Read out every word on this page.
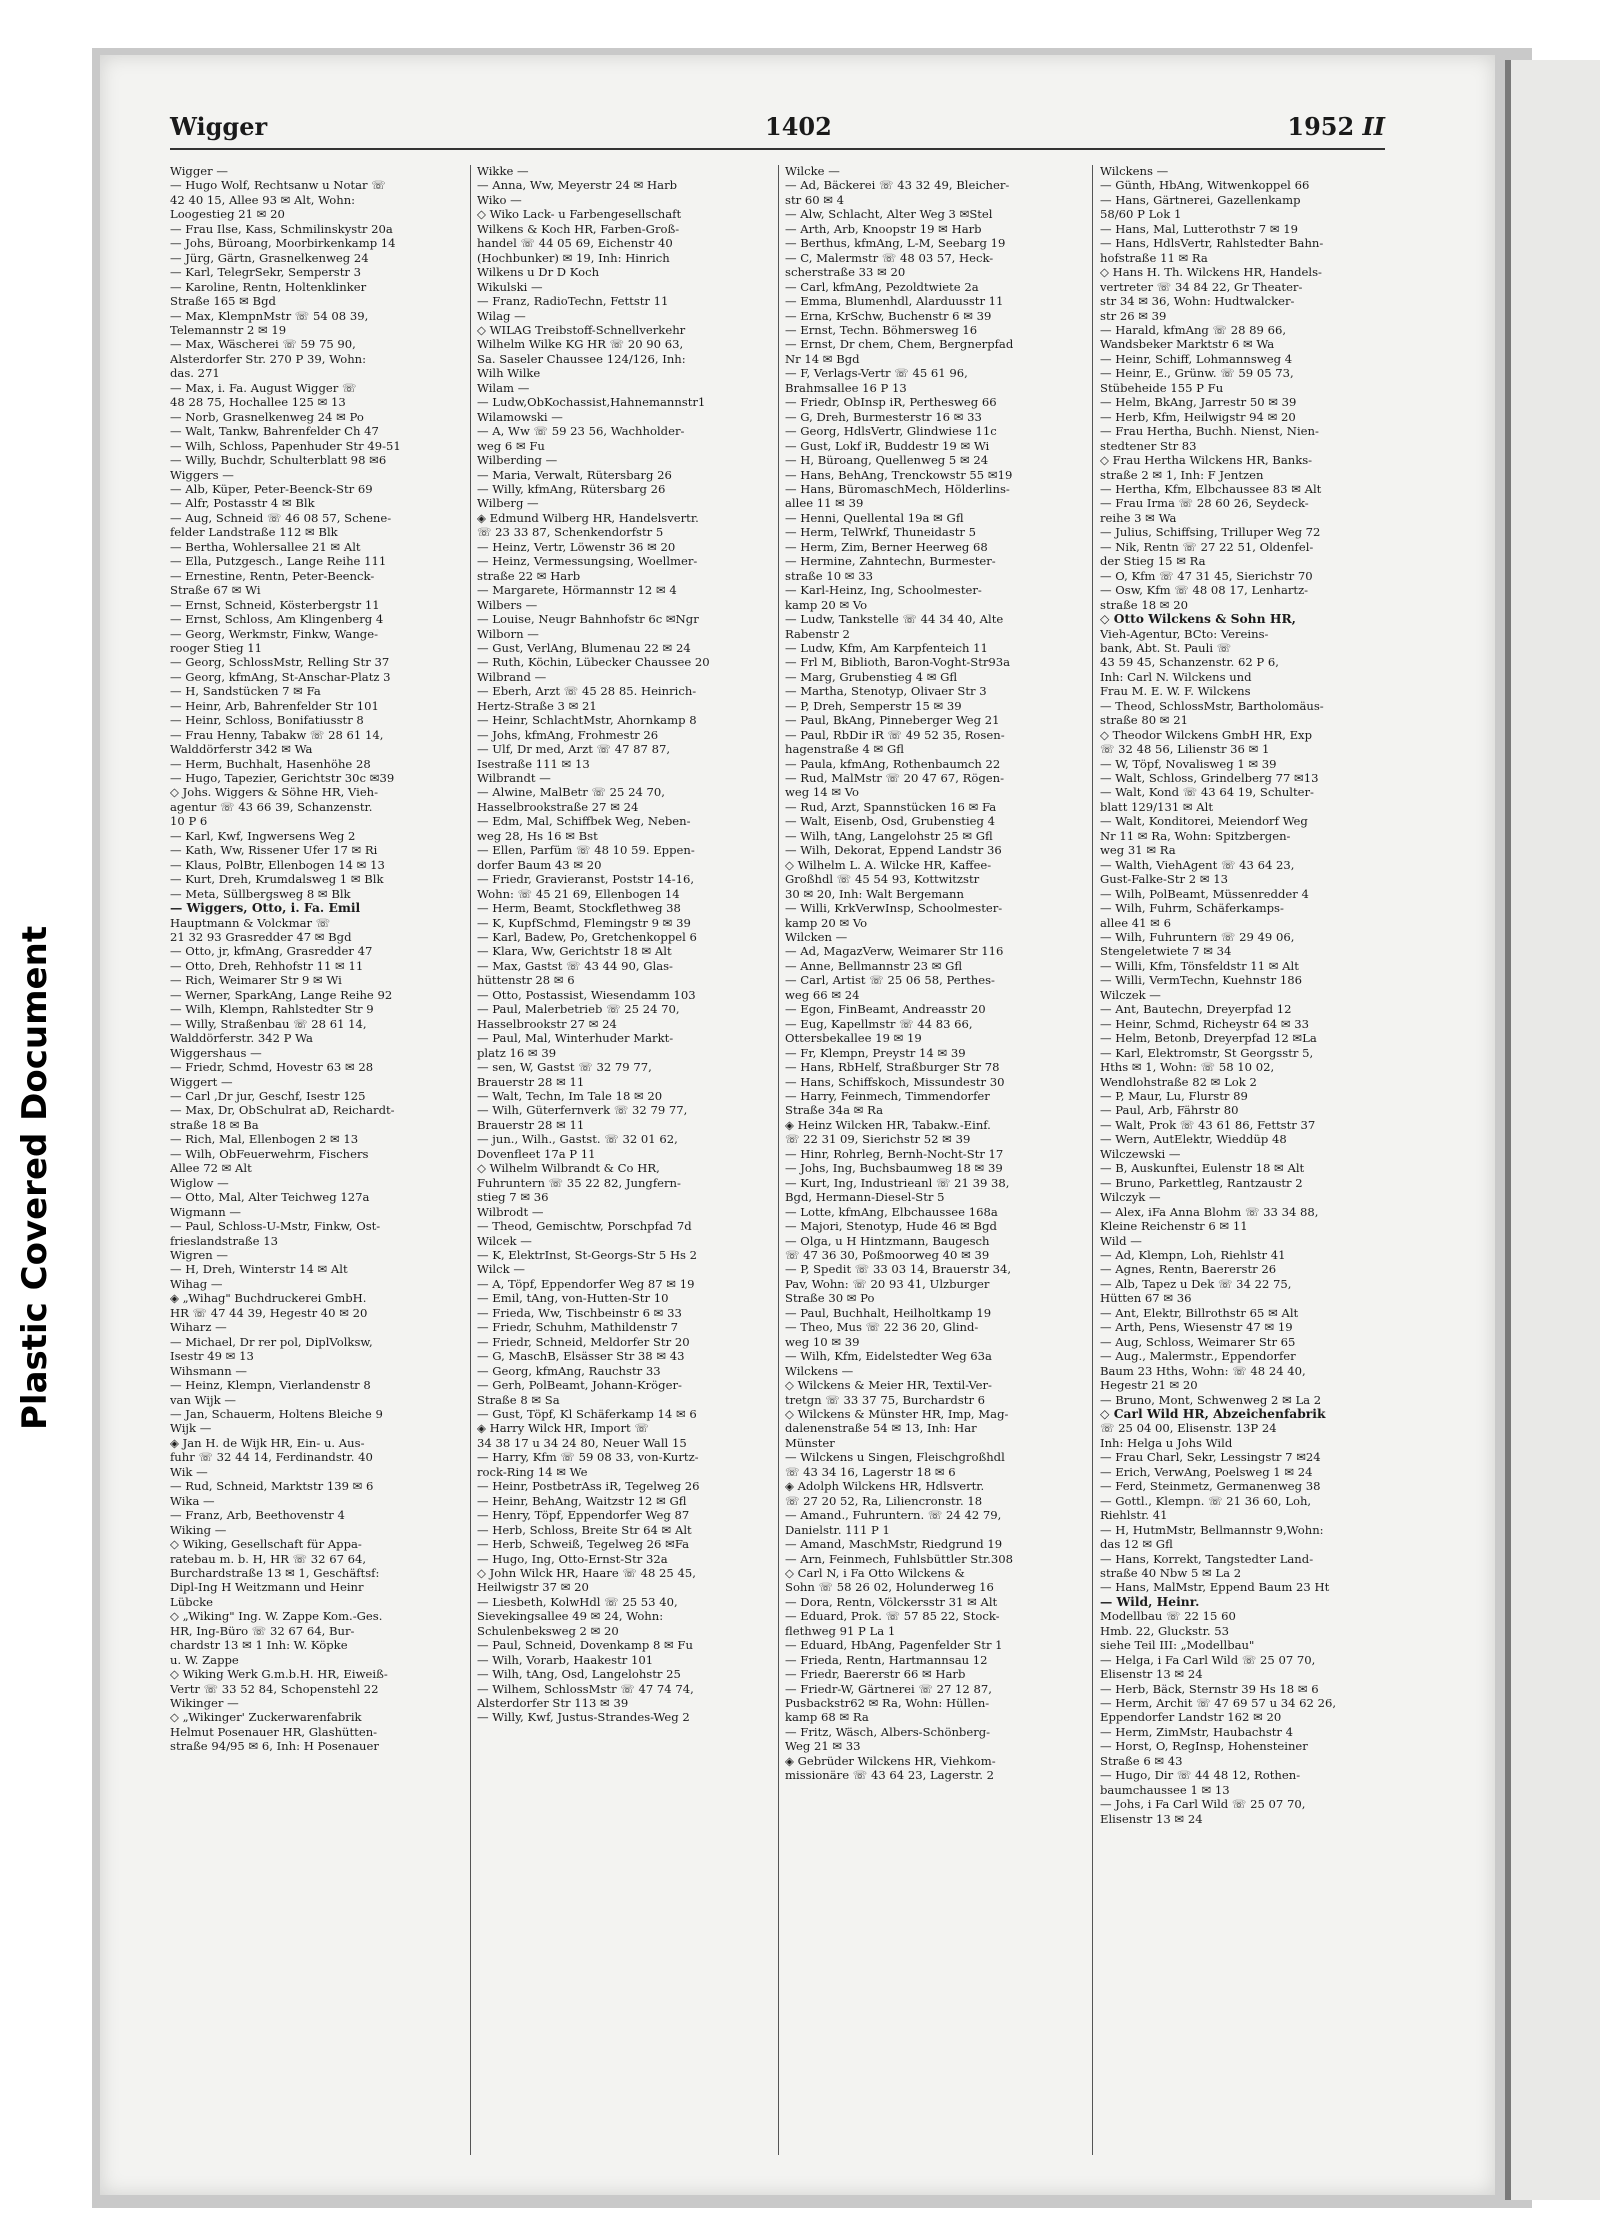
Plastic Covered Document
Wigger	1402	1952 II
Wigger —
— Hugo Wolf, Rechtsanw u Notar ☏
42 40 15, Allee 93 ✉ Alt, Wohn:
Loogestieg 21 ✉ 20
— Frau Ilse, Kass, Schmilinskystr 20a
— Johs, Büroang, Moorbirkenkamp 14
— Jürg, Gärtn, Grasnelkenweg 24
— Karl, TelegrSekr, Semperstr 3
— Karoline, Rentn, Holtenklinker
Straße 165 ✉ Bgd
— Max, KlempnMstr ☏ 54 08 39,
Telemannstr 2 ✉ 19
— Max, Wäscherei ☏ 59 75 90,
Alsterdorfer Str. 270 P 39, Wohn:
das. 271
— Max, i. Fa. August Wigger ☏
48 28 75, Hochallee 125 ✉ 13
— Norb, Grasnelkenweg 24 ✉ Po
— Walt, Tankw, Bahrenfelder Ch 47
— Wilh, Schloss, Papenhuder Str 49-51
— Willy, Buchdr, Schulterblatt 98 ✉6
Wiggers —
— Alb, Küper, Peter-Beenck-Str 69
— Alfr, Postasstr 4 ✉ Blk
— Aug, Schneid ☏ 46 08 57, Schene-
felder Landstraße 112 ✉ Blk
— Bertha, Wohlersallee 21 ✉ Alt
— Ella, Putzgesch., Lange Reihe 111
— Ernestine, Rentn, Peter-Beenck-
Straße 67 ✉ Wi
— Ernst, Schneid, Kösterbergstr 11
— Ernst, Schloss, Am Klingenberg 4
— Georg, Werkmstr, Finkw, Wange-
rooger Stieg 11
— Georg, SchlossMstr, Relling Str 37
— Georg, kfmAng, St-Anschar-Platz 3
— H, Sandstücken 7 ✉ Fa
— Heinr, Arb, Bahrenfelder Str 101
— Heinr, Schloss, Bonifatiusstr 8
— Frau Henny, Tabakw ☏ 28 61 14,
Walddörferstr 342 ✉ Wa
— Herm, Buchhalt, Hasenhöhe 28
— Hugo, Tapezier, Gerichtstr 30c ✉39
◇ Johs. Wiggers & Söhne HR, Vieh-
agentur ☏ 43 66 39, Schanzenstr.
10 P 6
— Karl, Kwf, Ingwersens Weg 2
— Kath, Ww, Rissener Ufer 17 ✉ Ri
— Klaus, PolBtr, Ellenbogen 14 ✉ 13
— Kurt, Dreh, Krumdalsweg 1 ✉ Blk
— Meta, Süllbergsweg 8 ✉ Blk
— Wiggers, Otto, i. Fa. Emil
Hauptmann & Volckmar ☏
21 32 93 Grasredder 47 ✉ Bgd
— Otto, jr, kfmAng, Grasredder 47
— Otto, Dreh, Rehhofstr 11 ✉ 11
— Rich, Weimarer Str 9 ✉ Wi
— Werner, SparkAng, Lange Reihe 92
— Wilh, Klempn, Rahlstedter Str 9
— Willy, Straßenbau ☏ 28 61 14,
Walddörferstr. 342 P Wa
Wiggershaus —
— Friedr, Schmd, Hovestr 63 ✉ 28
Wiggert —
— Carl ,Dr jur, Geschf, Isestr 125
— Max, Dr, ObSchulrat aD, Reichardt-
straße 18 ✉ Ba
— Rich, Mal, Ellenbogen 2 ✉ 13
— Wilh, ObFeuerwehrm, Fischers
Allee 72 ✉ Alt
Wiglow —
— Otto, Mal, Alter Teichweg 127a
Wigmann —
— Paul, Schloss-U-Mstr, Finkw, Ost-
frieslandstraße 13
Wigren —
— H, Dreh, Winterstr 14 ✉ Alt
Wihag —
◈ „Wihag" Buchdruckerei GmbH.
HR ☏ 47 44 39, Hegestr 40 ✉ 20
Wiharz —
— Michael, Dr rer pol, DiplVolksw,
Isestr 49 ✉ 13
Wihsmann —
— Heinz, Klempn, Vierlandenstr 8
van Wijk —
— Jan, Schauerm, Holtens Bleiche 9
Wijk —
◈ Jan H. de Wijk HR, Ein- u. Aus-
fuhr ☏ 32 44 14, Ferdinandstr. 40
Wik —
— Rud, Schneid, Marktstr 139 ✉ 6
Wika —
— Franz, Arb, Beethovenstr 4
Wiking —
◇ Wiking, Gesellschaft für Appa-
ratebau m. b. H, HR ☏ 32 67 64,
Burchardstraße 13 ✉ 1, Geschäftsf:
Dipl-Ing H Weitzmann und Heinr
Lübcke
◇ „Wiking" Ing. W. Zappe Kom.-Ges.
HR, Ing-Büro ☏ 32 67 64, Bur-
chardstr 13 ✉ 1 Inh: W. Köpke
u. W. Zappe
◇ Wiking Werk G.m.b.H. HR, Eiweiß-
Vertr ☏ 33 52 84, Schopenstehl 22
Wikinger —
◇ „Wikinger' Zuckerwarenfabrik
Helmut Posenauer HR, Glashütten-
straße 94/95 ✉ 6, Inh: H Posenauer
Wikke —
— Anna, Ww, Meyerstr 24 ✉ Harb
Wiko —
◇ Wiko Lack- u Farbengesellschaft
Wilkens & Koch HR, Farben-Groß-
handel ☏ 44 05 69, Eichenstr 40
(Hochbunker) ✉ 19, Inh: Hinrich
Wilkens u Dr D Koch
Wikulski —
— Franz, RadioTechn, Fettstr 11
Wilag —
◇ WILAG Treibstoff-Schnellverkehr
Wilhelm Wilke KG HR ☏ 20 90 63,
Sa. Saseler Chaussee 124/126, Inh:
Wilh Wilke
Wilam —
— Ludw,ObKochassist,Hahnemannstr1
Wilamowski —
— A, Ww ☏ 59 23 56, Wachholder-
weg 6 ✉ Fu
Wilberding —
— Maria, Verwalt, Rütersbarg 26
— Willy, kfmAng, Rütersbarg 26
Wilberg —
◈ Edmund Wilberg HR, Handelsvertr.
☏ 23 33 87, Schenkendorfstr 5
— Heinz, Vertr, Löwenstr 36 ✉ 20
— Heinz, Vermessungsing, Woellmer-
straße 22 ✉ Harb
— Margarete, Hörmannstr 12 ✉ 4
Wilbers —
— Louise, Neugr Bahnhofstr 6c ✉Ngr
Wilborn —
— Gust, VerlAng, Blumenau 22 ✉ 24
— Ruth, Köchin, Lübecker Chaussee 20
Wilbrand —
— Eberh, Arzt ☏ 45 28 85. Heinrich-
Hertz-Straße 3 ✉ 21
— Heinr, SchlachtMstr, Ahornkamp 8
— Johs, kfmAng, Frohmestr 26
— Ulf, Dr med, Arzt ☏ 47 87 87,
Isestraße 111 ✉ 13
Wilbrandt —
— Alwine, MalBetr ☏ 25 24 70,
Hasselbrookstraße 27 ✉ 24
— Edm, Mal, Schiffbek Weg, Neben-
weg 28, Hs 16 ✉ Bst
— Ellen, Parfüm ☏ 48 10 59. Eppen-
dorfer Baum 43 ✉ 20
— Friedr, Gravieranst, Poststr 14-16,
Wohn: ☏ 45 21 69, Ellenbogen 14
— Herm, Beamt, Stockflethweg 38
— K, KupfSchmd, Flemingstr 9 ✉ 39
— Karl, Badew, Po, Gretchenkoppel 6
— Klara, Ww, Gerichtstr 18 ✉ Alt
— Max, Gastst ☏ 43 44 90, Glas-
hüttenstr 28 ✉ 6
— Otto, Postassist, Wiesendamm 103
— Paul, Malerbetrieb ☏ 25 24 70,
Hasselbrookstr 27 ✉ 24
— Paul, Mal, Winterhuder Markt-
platz 16 ✉ 39
— sen, W, Gastst ☏ 32 79 77,
Brauerstr 28 ✉ 11
— Walt, Techn, Im Tale 18 ✉ 20
— Wilh, Güterfernverk ☏ 32 79 77,
Brauerstr 28 ✉ 11
— jun., Wilh., Gastst. ☏ 32 01 62,
Dovenfleet 17a P 11
◇ Wilhelm Wilbrandt & Co HR,
Fuhruntern ☏ 35 22 82, Jungfern-
stieg 7 ✉ 36
Wilbrodt —
— Theod, Gemischtw, Porschpfad 7d
Wilcek —
— K, ElektrInst, St-Georgs-Str 5 Hs 2
Wilck —
— A, Töpf, Eppendorfer Weg 87 ✉ 19
— Emil, tAng, von-Hutten-Str 10
— Frieda, Ww, Tischbeinstr 6 ✉ 33
— Friedr, Schuhm, Mathildenstr 7
— Friedr, Schneid, Meldorfer Str 20
— G, MaschB, Elsässer Str 38 ✉ 43
— Georg, kfmAng, Rauchstr 33
— Gerh, PolBeamt, Johann-Kröger-
Straße 8 ✉ Sa
— Gust, Töpf, Kl Schäferkamp 14 ✉ 6
◈ Harry Wilck HR, Import ☏
34 38 17 u 34 24 80, Neuer Wall 15
— Harry, Kfm ☏ 59 08 33, von-Kurtz-
rock-Ring 14 ✉ We
— Heinr, PostbetrAss iR, Tegelweg 26
— Heinr, BehAng, Waitzstr 12 ✉ Gfl
— Henry, Töpf, Eppendorfer Weg 87
— Herb, Schloss, Breite Str 64 ✉ Alt
— Herb, Schweiß, Tegelweg 26 ✉Fa
— Hugo, Ing, Otto-Ernst-Str 32a
◇ John Wilck HR, Haare ☏ 48 25 45,
Heilwigstr 37 ✉ 20
— Liesbeth, KolwHdl ☏ 25 53 40,
Sievekingsallee 49 ✉ 24, Wohn:
Schulenbeksweg 2 ✉ 20
— Paul, Schneid, Dovenkamp 8 ✉ Fu
— Wilh, Vorarb, Haakestr 101
— Wilh, tAng, Osd, Langelohstr 25
— Wilhem, SchlossMstr ☏ 47 74 74,
Alsterdorfer Str 113 ✉ 39
— Willy, Kwf, Justus-Strandes-Weg 2
Wilcke —
— Ad, Bäckerei ☏ 43 32 49, Bleicher-
str 60 ✉ 4
— Alw, Schlacht, Alter Weg 3 ✉Stel
— Arth, Arb, Knoopstr 19 ✉ Harb
— Berthus, kfmAng, L-M, Seebarg 19
— C, Malermstr ☏ 48 03 57, Heck-
scherstraße 33 ✉ 20
— Carl, kfmAng, Pezoldtwiete 2a
— Emma, Blumenhdl, Alarduusstr 11
— Erna, KrSchw, Buchenstr 6 ✉ 39
— Ernst, Techn. Böhmersweg 16
— Ernst, Dr chem, Chem, Bergnerpfad
Nr 14 ✉ Bgd
— F, Verlags-Vertr ☏ 45 61 96,
Brahmsallee 16 P 13
— Friedr, ObInsp iR, Perthesweg 66
— G, Dreh, Burmesterstr 16 ✉ 33
— Georg, HdlsVertr, Glindwiese 11c
— Gust, Lokf iR, Buddestr 19 ✉ Wi
— H, Büroang, Quellenweg 5 ✉ 24
— Hans, BehAng, Trenckowstr 55 ✉19
— Hans, BüromaschMech, Hölderlins-
allee 11 ✉ 39
— Henni, Quellental 19a ✉ Gfl
— Herm, TelWrkf, Thuneidastr 5
— Herm, Zim, Berner Heerweg 68
— Hermine, Zahntechn, Burmester-
straße 10 ✉ 33
— Karl-Heinz, Ing, Schoolmester-
kamp 20 ✉ Vo
— Ludw, Tankstelle ☏ 44 34 40, Alte
Rabenstr 2
— Ludw, Kfm, Am Karpfenteich 11
— Frl M, Biblioth, Baron-Voght-Str93a
— Marg, Grubenstieg 4 ✉ Gfl
— Martha, Stenotyp, Olivaer Str 3
— P, Dreh, Semperstr 15 ✉ 39
— Paul, BkAng, Pinneberger Weg 21
— Paul, RbDir iR ☏ 49 52 35, Rosen-
hagenstraße 4 ✉ Gfl
— Paula, kfmAng, Rothenbaumch 22
— Rud, MalMstr ☏ 20 47 67, Rögen-
weg 14 ✉ Vo
— Rud, Arzt, Spannstücken 16 ✉ Fa
— Walt, Eisenb, Osd, Grubenstieg 4
— Wilh, tAng, Langelohstr 25 ✉ Gfl
— Wilh, Dekorat, Eppend Landstr 36
◇ Wilhelm L. A. Wilcke HR, Kaffee-
Großhdl ☏ 45 54 93, Kottwitzstr
30 ✉ 20, Inh: Walt Bergemann
— Willi, KrkVerwInsp, Schoolmester-
kamp 20 ✉ Vo
Wilcken —
— Ad, MagazVerw, Weimarer Str 116
— Anne, Bellmannstr 23 ✉ Gfl
— Carl, Artist ☏ 25 06 58, Perthes-
weg 66 ✉ 24
— Egon, FinBeamt, Andreasstr 20
— Eug, Kapellmstr ☏ 44 83 66,
Ottersbekallee 19 ✉ 19
— Fr, Klempn, Preystr 14 ✉ 39
— Hans, RbHelf, Straßburger Str 78
— Hans, Schiffskoch, Missundestr 30
— Harry, Feinmech, Timmendorfer
Straße 34a ✉ Ra
◈ Heinz Wilcken HR, Tabakw.-Einf.
☏ 22 31 09, Sierichstr 52 ✉ 39
— Hinr, Rohrleg, Bernh-Nocht-Str 17
— Johs, Ing, Buchsbaumweg 18 ✉ 39
— Kurt, Ing, Industrieanl ☏ 21 39 38,
Bgd, Hermann-Diesel-Str 5
— Lotte, kfmAng, Elbchaussee 168a
— Majori, Stenotyp, Hude 46 ✉ Bgd
— Olga, u H Hintzmann, Baugesch
☏ 47 36 30, Poßmoorweg 40 ✉ 39
— P, Spedit ☏ 33 03 14, Brauerstr 34,
Pav, Wohn: ☏ 20 93 41, Ulzburger
Straße 30 ✉ Po
— Paul, Buchhalt, Heilholtkamp 19
— Theo, Mus ☏ 22 36 20, Glind-
weg 10 ✉ 39
— Wilh, Kfm, Eidelstedter Weg 63a
Wilckens —
◇ Wilckens & Meier HR, Textil-Ver-
tretgn ☏ 33 37 75, Burchardstr 6
◇ Wilckens & Münster HR, Imp, Mag-
dalenenstraße 54 ✉ 13, Inh: Har
Münster
— Wilckens u Singen, Fleischgroßhdl
☏ 43 34 16, Lagerstr 18 ✉ 6
◈ Adolph Wilckens HR, Hdlsvertr.
☏ 27 20 52, Ra, Liliencronstr. 18
— Amand., Fuhruntern. ☏ 24 42 79,
Danielstr. 111 P 1
— Amand, MaschMstr, Riedgrund 19
— Arn, Feinmech, Fuhlsbüttler Str.308
◇ Carl N, i Fa Otto Wilckens &
Sohn ☏ 58 26 02, Holunderweg 16
— Dora, Rentn, Völckersstr 31 ✉ Alt
— Eduard, Prok. ☏ 57 85 22, Stock-
flethweg 91 P La 1
— Eduard, HbAng, Pagenfelder Str 1
— Frieda, Rentn, Hartmannsau 12
— Friedr, Baererstr 66 ✉ Harb
— Friedr-W, Gärtnerei ☏ 27 12 87,
Pusbackstr62 ✉ Ra, Wohn: Hüllen-
kamp 68 ✉ Ra
— Fritz, Wäsch, Albers-Schönberg-
Weg 21 ✉ 33
◈ Gebrüder Wilckens HR, Viehkom-
missionäre ☏ 43 64 23, Lagerstr. 2
Wilckens —
— Günth, HbAng, Witwenkoppel 66
— Hans, Gärtnerei, Gazellenkamp
58/60 P Lok 1
— Hans, Mal, Lutterothstr 7 ✉ 19
— Hans, HdlsVertr, Rahlstedter Bahn-
hofstraße 11 ✉ Ra
◇ Hans H. Th. Wilckens HR, Handels-
vertreter ☏ 34 84 22, Gr Theater-
str 34 ✉ 36, Wohn: Hudtwalcker-
str 26 ✉ 39
— Harald, kfmAng ☏ 28 89 66,
Wandsbeker Marktstr 6 ✉ Wa
— Heinr, Schiff, Lohmannsweg 4
— Heinr, E., Grünw. ☏ 59 05 73,
Stübeheide 155 P Fu
— Helm, BkAng, Jarrestr 50 ✉ 39
— Herb, Kfm, Heilwigstr 94 ✉ 20
— Frau Hertha, Buchh. Nienst, Nien-
stedtener Str 83
◇ Frau Hertha Wilckens HR, Banks-
straße 2 ✉ 1, Inh: F Jentzen
— Hertha, Kfm, Elbchaussee 83 ✉ Alt
— Frau Irma ☏ 28 60 26, Seydeck-
reihe 3 ✉ Wa
— Julius, Schiffsing, Trilluper Weg 72
— Nik, Rentn ☏ 27 22 51, Oldenfel-
der Stieg 15 ✉ Ra
— O, Kfm ☏ 47 31 45, Sierichstr 70
— Osw, Kfm ☏ 48 08 17, Lenhartz-
straße 18 ✉ 20
◇ Otto Wilckens & Sohn HR,
Vieh-Agentur, BCto: Vereins-
bank, Abt. St. Pauli ☏
43 59 45, Schanzenstr. 62 P 6,
Inh: Carl N. Wilckens und
Frau M. E. W. F. Wilckens
— Theod, SchlossMstr, Bartholomäus-
straße 80 ✉ 21
◇ Theodor Wilckens GmbH HR, Exp
☏ 32 48 56, Lilienstr 36 ✉ 1
— W, Töpf, Novalisweg 1 ✉ 39
— Walt, Schloss, Grindelberg 77 ✉13
— Walt, Kond ☏ 43 64 19, Schulter-
blatt 129/131 ✉ Alt
— Walt, Konditorei, Meiendorf Weg
Nr 11 ✉ Ra, Wohn: Spitzbergen-
weg 31 ✉ Ra
— Walth, ViehAgent ☏ 43 64 23,
Gust-Falke-Str 2 ✉ 13
— Wilh, PolBeamt, Müssenredder 4
— Wilh, Fuhrm, Schäferkamps-
allee 41 ✉ 6
— Wilh, Fuhruntern ☏ 29 49 06,
Stengeletwiete 7 ✉ 34
— Willi, Kfm, Tönsfeldstr 11 ✉ Alt
— Willi, VermTechn, Kuehnstr 186
Wilczek —
— Ant, Bautechn, Dreyerpfad 12
— Heinr, Schmd, Richeystr 64 ✉ 33
— Helm, Betonb, Dreyerpfad 12 ✉La
— Karl, Elektromstr, St Georgsstr 5,
Hths ✉ 1, Wohn: ☏ 58 10 02,
Wendlohstraße 82 ✉ Lok 2
— P, Maur, Lu, Flurstr 89
— Paul, Arb, Fährstr 80
— Walt, Prok ☏ 43 61 86, Fettstr 37
— Wern, AutElektr, Wieddüp 48
Wilczewski —
— B, Auskunftei, Eulenstr 18 ✉ Alt
— Bruno, Parkettleg, Rantzaustr 2
Wilczyk —
— Alex, iFa Anna Blohm ☏ 33 34 88,
Kleine Reichenstr 6 ✉ 11
Wild —
— Ad, Klempn, Loh, Riehlstr 41
— Agnes, Rentn, Baererstr 26
— Alb, Tapez u Dek ☏ 34 22 75,
Hütten 67 ✉ 36
— Ant, Elektr, Billrothstr 65 ✉ Alt
— Arth, Pens, Wiesenstr 47 ✉ 19
— Aug, Schloss, Weimarer Str 65
— Aug., Malermstr., Eppendorfer
Baum 23 Hths, Wohn: ☏ 48 24 40,
Hegestr 21 ✉ 20
— Bruno, Mont, Schwenweg 2 ✉ La 2
◇ Carl Wild HR, Abzeichenfabrik
☏ 25 04 00, Elisenstr. 13P 24
Inh: Helga u Johs Wild
— Frau Charl, Sekr, Lessingstr 7 ✉24
— Erich, VerwAng, Poelsweg 1 ✉ 24
— Ferd, Steinmetz, Germanenweg 38
— Gottl., Klempn. ☏ 21 36 60, Loh,
Riehlstr. 41
— H, HutmMstr, Bellmannstr 9,Wohn:
das 12 ✉ Gfl
— Hans, Korrekt, Tangstedter Land-
straße 40 Nbw 5 ✉ La 2
— Hans, MalMstr, Eppend Baum 23 Ht
— Wild, Heinr.
Modellbau ☏ 22 15 60
Hmb. 22, Gluckstr. 53
siehe Teil III: „Modellbau"
— Helga, i Fa Carl Wild ☏ 25 07 70,
Elisenstr 13 ✉ 24
— Herb, Bäck, Sternstr 39 Hs 18 ✉ 6
— Herm, Archit ☏ 47 69 57 u 34 62 26,
Eppendorfer Landstr 162 ✉ 20
— Herm, ZimMstr, Haubachstr 4
— Horst, O, RegInsp, Hohensteiner
Straße 6 ✉ 43
— Hugo, Dir ☏ 44 48 12, Rothen-
baumchaussee 1 ✉ 13
— Johs, i Fa Carl Wild ☏ 25 07 70,
Elisenstr 13 ✉ 24
